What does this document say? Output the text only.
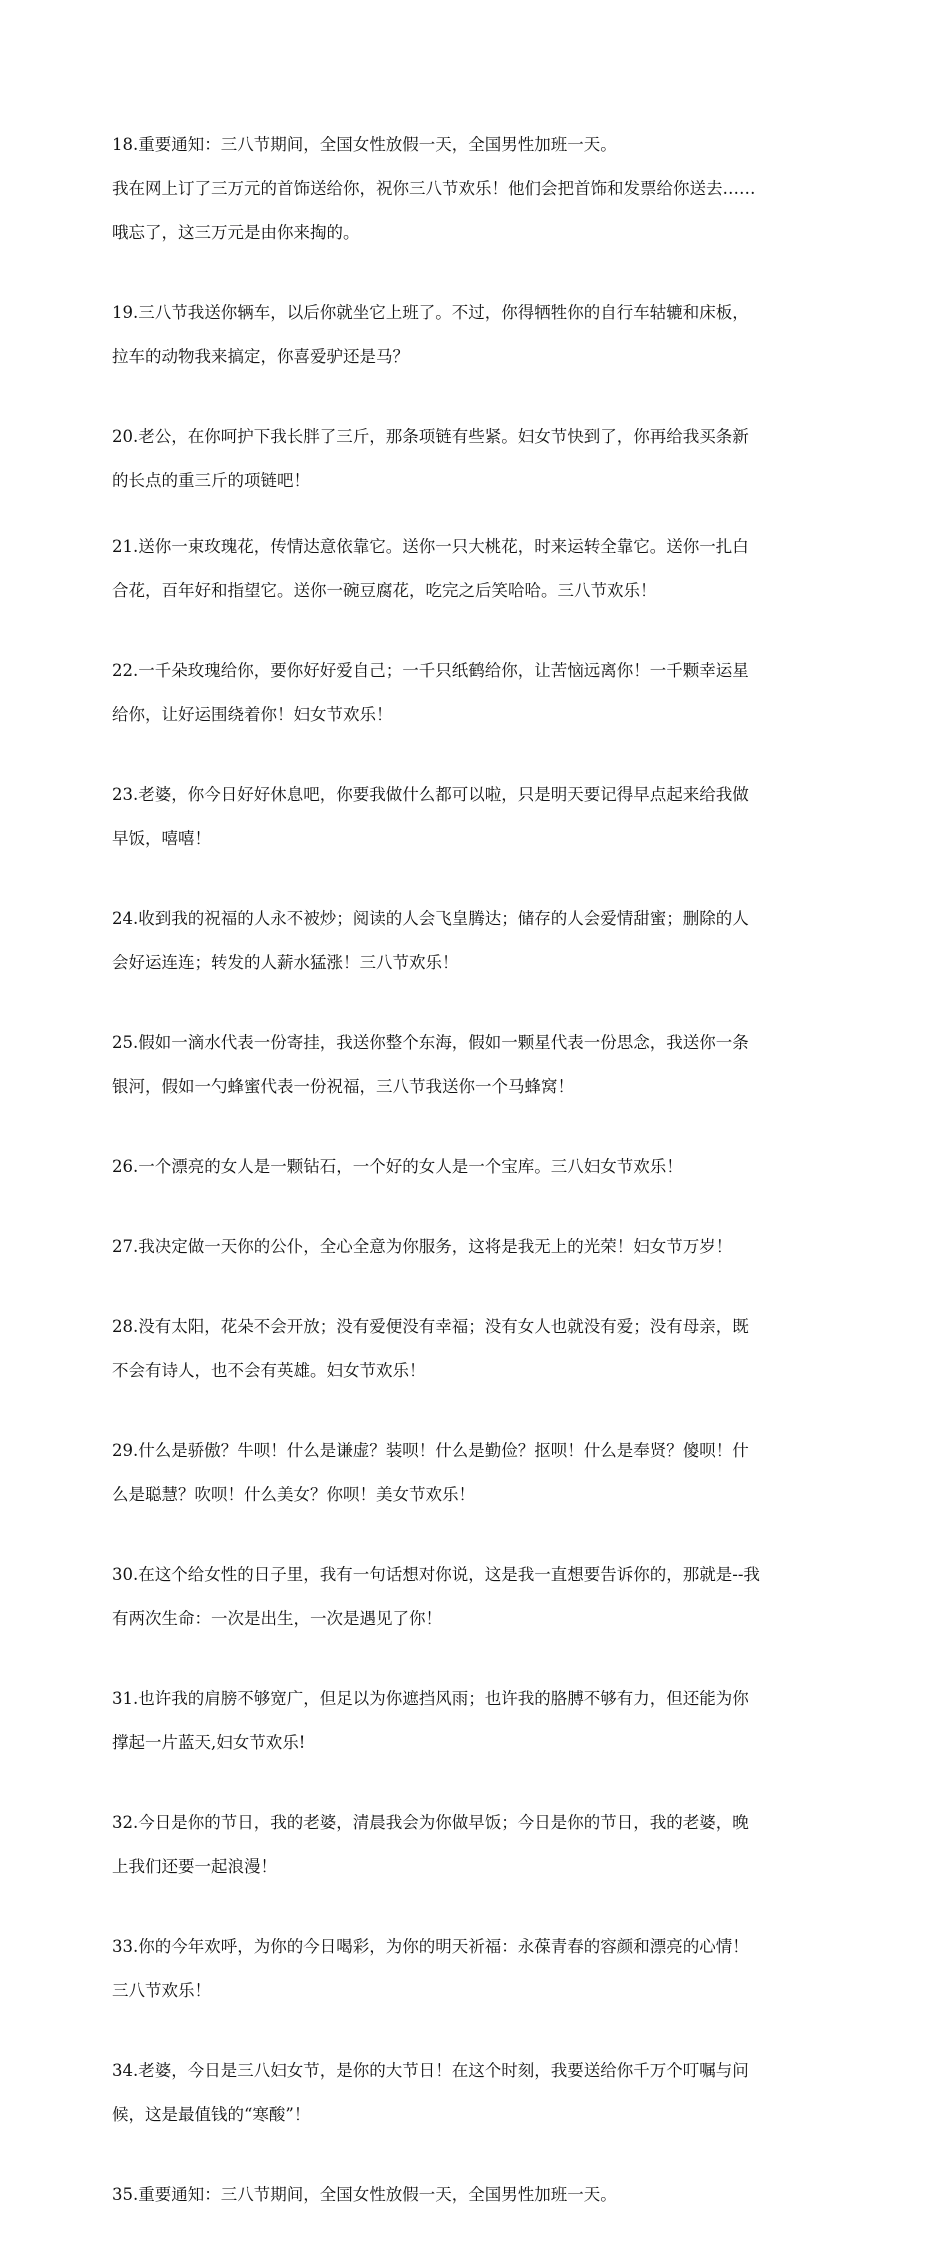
18.重要通知：三八节期间，全国女性放假一天，全国男性加班一天。

我在网上订了三万元的首饰送给你，祝你三八节欢乐！他们会把首饰和发票给你送去……

哦忘了，这三万元是由你来掏的。

19.三八节我送你辆车，以后你就坐它上班了。不过，你得牺牲你的自行车轱辘和床板，

拉车的动物我来搞定，你喜爱驴还是马？

20.老公，在你呵护下我长胖了三斤，那条项链有些紧。妇女节快到了，你再给我买条新

的长点的重三斤的项链吧！

21.送你一束玫瑰花，传情达意依靠它。送你一只大桃花，时来运转全靠它。送你一扎白

合花，百年好和指望它。送你一碗豆腐花，吃完之后笑哈哈。三八节欢乐！

22.一千朵玫瑰给你，要你好好爱自己；一千只纸鹤给你，让苦恼远离你！一千颗幸运星

给你，让好运围绕着你！妇女节欢乐！

23.老婆，你今日好好休息吧，你要我做什么都可以啦，只是明天要记得早点起来给我做

早饭，嘻嘻！

24.收到我的祝福的人永不被炒；阅读的人会飞皇腾达；储存的人会爱情甜蜜；删除的人

会好运连连；转发的人薪水猛涨！三八节欢乐！

25.假如一滴水代表一份寄挂，我送你整个东海，假如一颗星代表一份思念，我送你一条

银河，假如一勺蜂蜜代表一份祝福，三八节我送你一个马蜂窝！

26.一个漂亮的女人是一颗钻石，一个好的女人是一个宝库。三八妇女节欢乐！

27.我决定做一天你的公仆，全心全意为你服务，这将是我无上的光荣！妇女节万岁！

28.没有太阳，花朵不会开放；没有爱便没有幸福；没有女人也就没有爱；没有母亲，既

不会有诗人，也不会有英雄。妇女节欢乐！

29.什么是骄傲？牛呗！什么是谦虚？装呗！什么是勤俭？抠呗！什么是奉贤？傻呗！什

么是聪慧？吹呗！什么美女？你呗！美女节欢乐！

30.在这个给女性的日子里，我有一句话想对你说，这是我一直想要告诉你的，那就是--我

有两次生命：一次是出生，一次是遇见了你！

31.也许我的肩膀不够宽广，但足以为你遮挡风雨；也许我的胳膊不够有力，但还能为你

撑起一片蓝天,妇女节欢乐!

32.今日是你的节日，我的老婆，清晨我会为你做早饭；今日是你的节日，我的老婆，晚

上我们还要一起浪漫！

33.你的今年欢呼，为你的今日喝彩，为你的明天祈福：永葆青春的容颜和漂亮的心情！

三八节欢乐！

34.老婆，今日是三八妇女节，是你的大节日！在这个时刻，我要送给你千万个叮嘱与问

候，这是最值钱的“寒酸”！

35.重要通知：三八节期间，全国女性放假一天，全国男性加班一天。
